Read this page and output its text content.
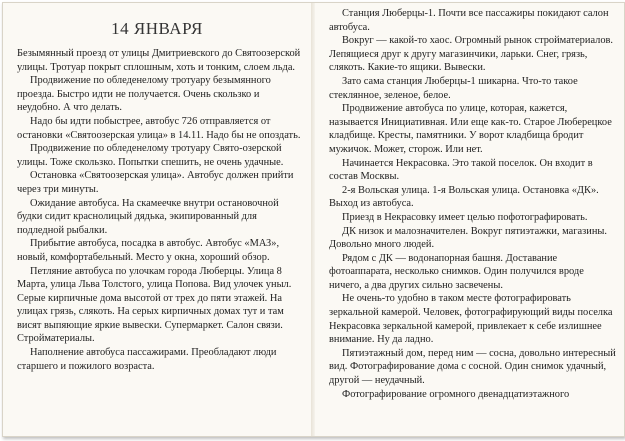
14 ЯНВАРЯ

Безымянный проезд от улицы Дмитриевского до Святоозерской улицы. Тротуар покрыт сплошным, хоть и тонким, слоем льда.

Продвижение по обледенелому тротуару безымянного проезда. Быстро идти не получается. Очень скользко и неудобно. А что делать.

Надо бы идти побыстрее, автобус 726 отправляется от остановки «Святоозерская улица» в 14.11. Надо бы не опоздать.

Продвижение по обледенелому тротуару Свято-озерской улицы. Тоже скользко. Попытки спешить, не очень удачные.

Остановка «Святоозерская улица». Автобус должен прийти через три минуты.

Ожидание автобуса. На скамеечке внутри остановочной будки сидит краснолицый дядька, экипированный для подледной рыбалки.

Прибытие автобуса, посадка в автобус. Автобус «МАЗ», новый, комфортабельный. Место у окна, хороший обзор.

Петляние автобуса по улочкам города Люберцы. Улица 8 Марта, улица Льва Толстого, улица Попова. Вид улочек уныл. Серые кирпичные дома высотой от трех до пяти этажей. На улицах грязь, слякоть. На серых кирпичных домах тут и там висят выпяющие яркие вывески. Супермаркет. Салон связи. Стройматериалы.

Наполнение автобуса пассажирами. Преобладают люди старшего и пожилого возраста.

Станция Люберцы-1. Почти все пассажиры покидают салон автобуса.

Вокруг — какой-то хаос. Огромный рынок стройматериалов. Лепящиеся друг к другу магазинчики, ларьки. Снег, грязь, слякоть. Какие-то ящики. Вывески.

Зато сама станция Люберцы-1 шикарна. Что-то такое стеклянное, зеленое, белое.

Продвижение автобуса по улице, которая, кажется, называется Инициативная. Или еще как-то. Старое Люберецкое кладбище. Кресты, памятники. У ворот кладбища бродит мужичок. Может, сторож. Или нет.

Начинается Некрасовка. Это такой поселок. Он входит в состав Москвы.

2-я Вольская улица. 1-я Вольская улица. Остановка «ДК». Выход из автобуса.

Приезд в Некрасовку имеет целью пофотографировать.

ДК низок и малозначителен. Вокруг пятиэтажки, магазины. Довольно много людей.

Рядом с ДК — водонапорная башня. Доставание фотоаппарата, несколько снимков. Один получился вроде ничего, а два других сильно засвечены.

Не очень-то удобно в таком месте фотографировать зеркальной камерой. Человек, фотографирующий виды поселка Некрасовка зеркальной камерой, привлекает к себе излишнее внимание. Ну да ладно.

Пятиэтажный дом, перед ним — сосна, довольно интересный вид. Фотографирование дома с сосной. Один снимок удачный, другой — неудачный.

Фотографирование огромного двенадцатиэтажного
